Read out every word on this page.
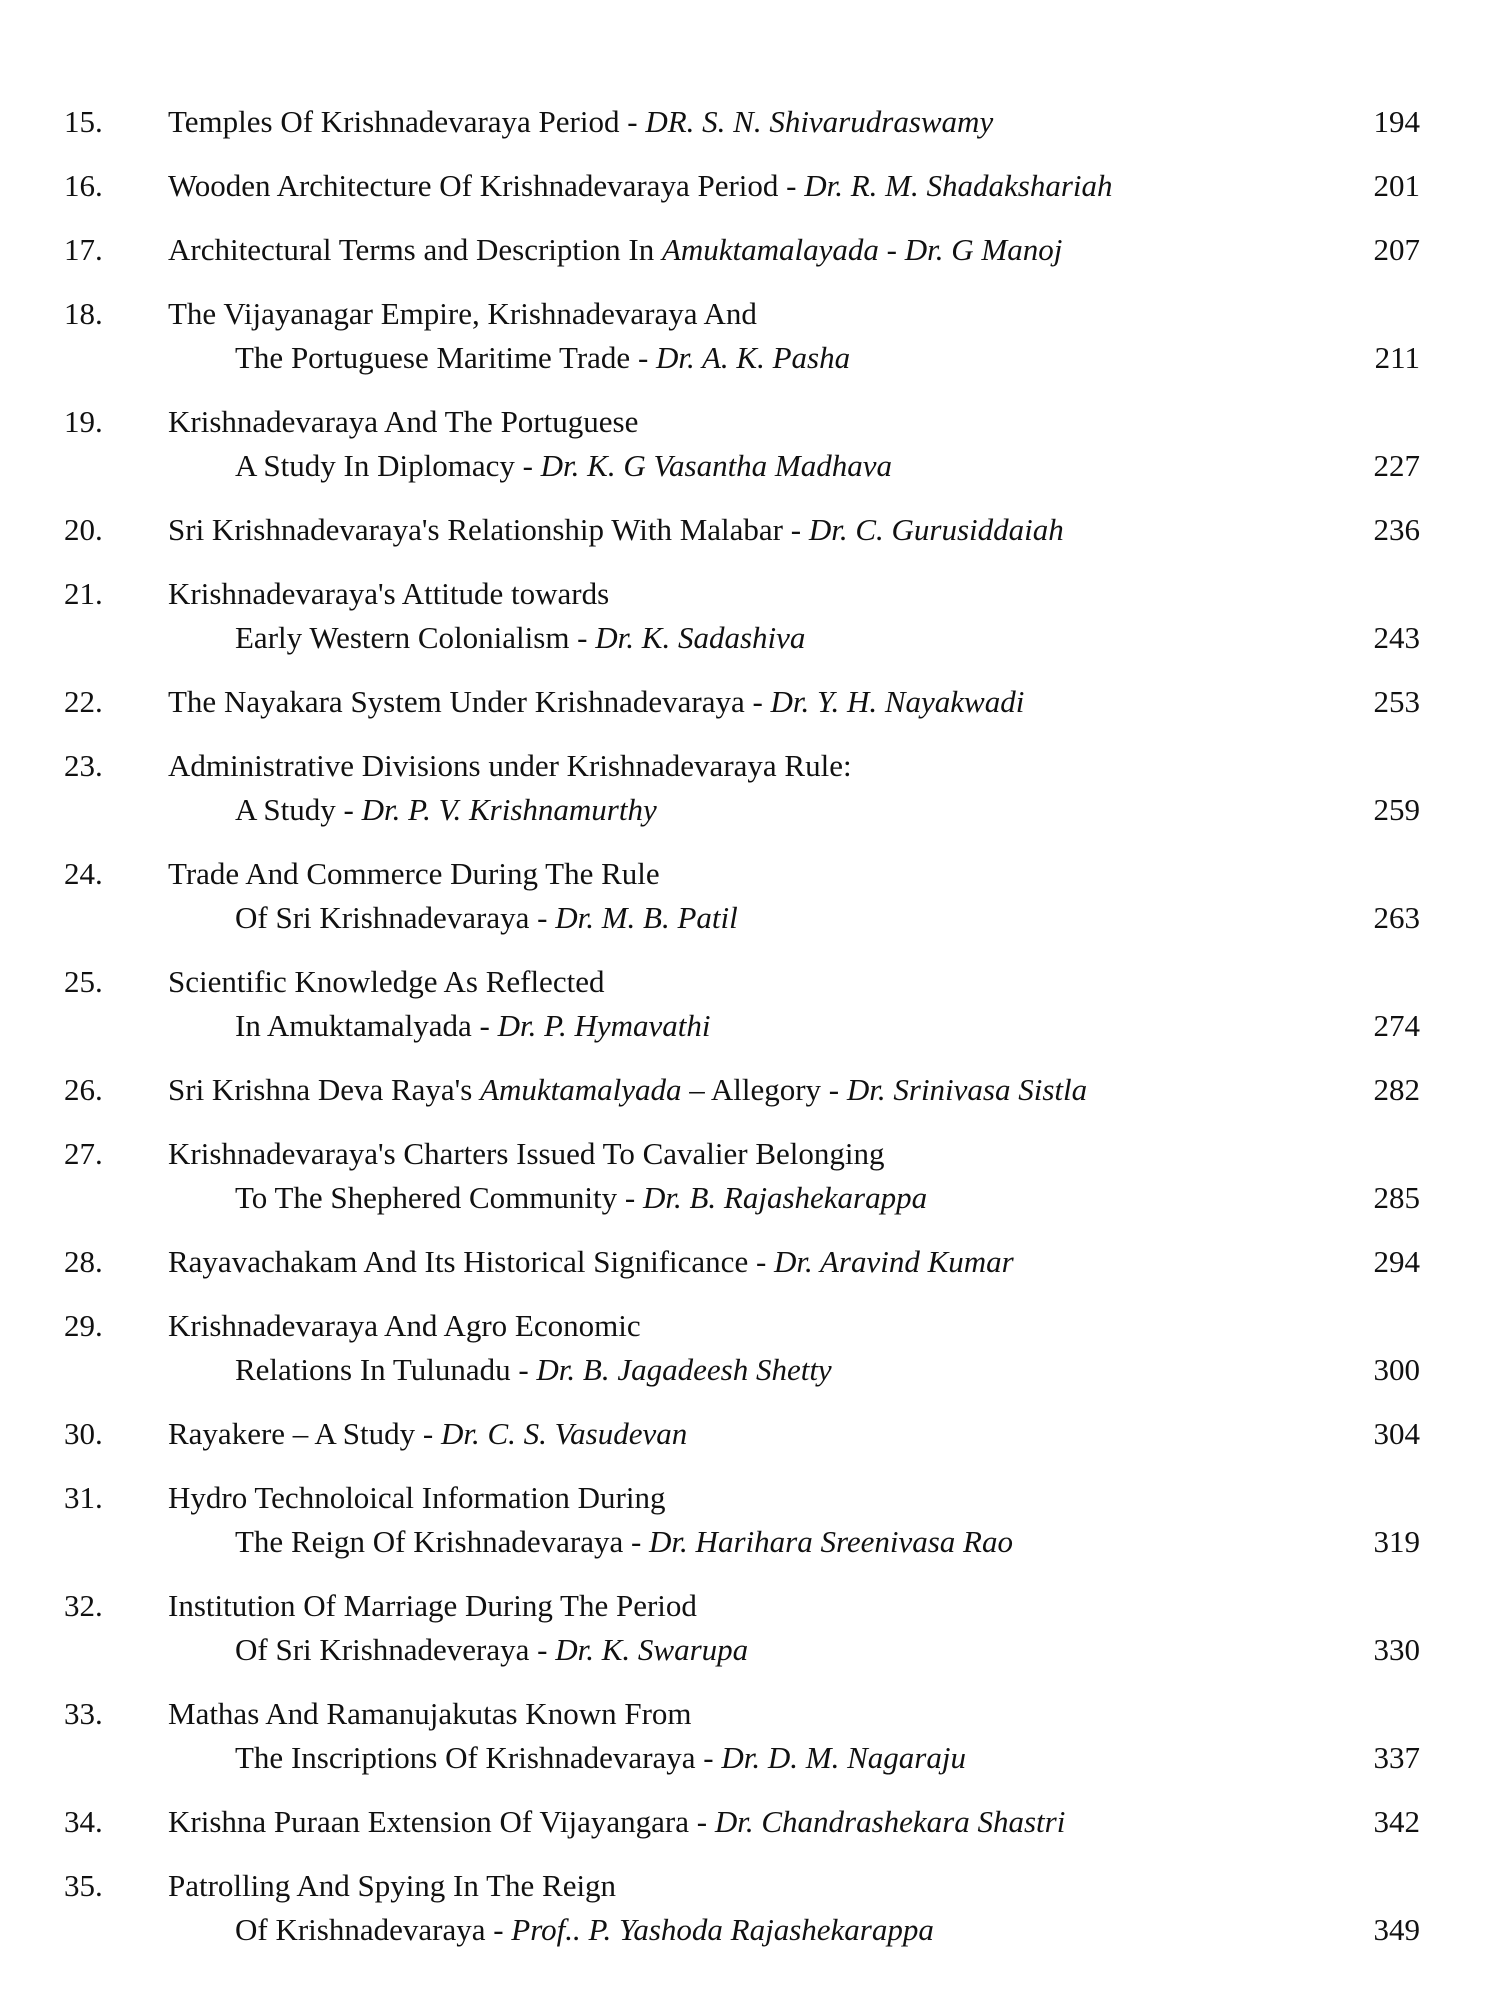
15. Temples Of Krishnadevaraya Period - DR. S. N. Shivarudraswamy	194
16. Wooden Architecture Of Krishnadevaraya Period - Dr. R. M. Shadakshariah	201
17. Architectural Terms and Description In Amuktamalayada - Dr. G Manoj	207
18. The Vijayanagar Empire, Krishnadevaraya And
The Portuguese Maritime Trade - Dr. A. K. Pasha	211
19. Krishnadevaraya And The Portuguese
A Study In Diplomacy - Dr. K. G Vasantha Madhava	227
20. Sri Krishnadevaraya's Relationship With Malabar - Dr. C. Gurusiddaiah	236
21. Krishnadevaraya's Attitude towards
Early Western Colonialism - Dr. K. Sadashiva	243
22. The Nayakara System Under Krishnadevaraya - Dr. Y. H. Nayakwadi	253
23. Administrative Divisions under Krishnadevaraya Rule:
A Study - Dr. P. V. Krishnamurthy	259
24. Trade And Commerce During The Rule
Of Sri Krishnadevaraya - Dr. M. B. Patil	263
25. Scientific Knowledge As Reflected
In Amuktamalyada - Dr. P. Hymavathi	274
26. Sri Krishna Deva Raya's Amuktamalyada – Allegory - Dr. Srinivasa Sistla	282
27. Krishnadevaraya's Charters Issued To Cavalier Belonging
To The Shephered Community - Dr. B. Rajashekarappa	285
28. Rayavachakam And Its Historical Significance - Dr. Aravind Kumar	294
29. Krishnadevaraya And Agro Economic
Relations In Tulunadu - Dr. B. Jagadeesh Shetty	300
30. Rayakere – A Study - Dr. C. S. Vasudevan	304
31. Hydro Technoloical Information During
The Reign Of Krishnadevaraya - Dr. Harihara Sreenivasa Rao	319
32. Institution Of Marriage During The Period
Of Sri Krishnadeveraya - Dr. K. Swarupa	330
33. Mathas And Ramanujakutas Known From
The Inscriptions Of Krishnadevaraya - Dr. D. M. Nagaraju	337
34. Krishna Puraan Extension Of Vijayangara - Dr. Chandrashekara Shastri	342
35. Patrolling And Spying In The Reign
Of Krishnadevaraya - Prof.. P. Yashoda Rajashekarappa	349
